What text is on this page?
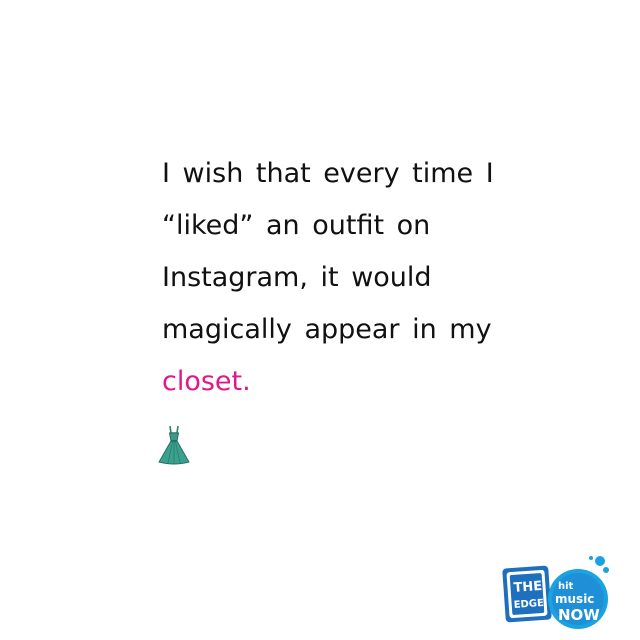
I wish that every time I
“liked” an outfit on
Instagram, it would
magically appear in my
closet.
THE
EDGE
hit
music
NOW
